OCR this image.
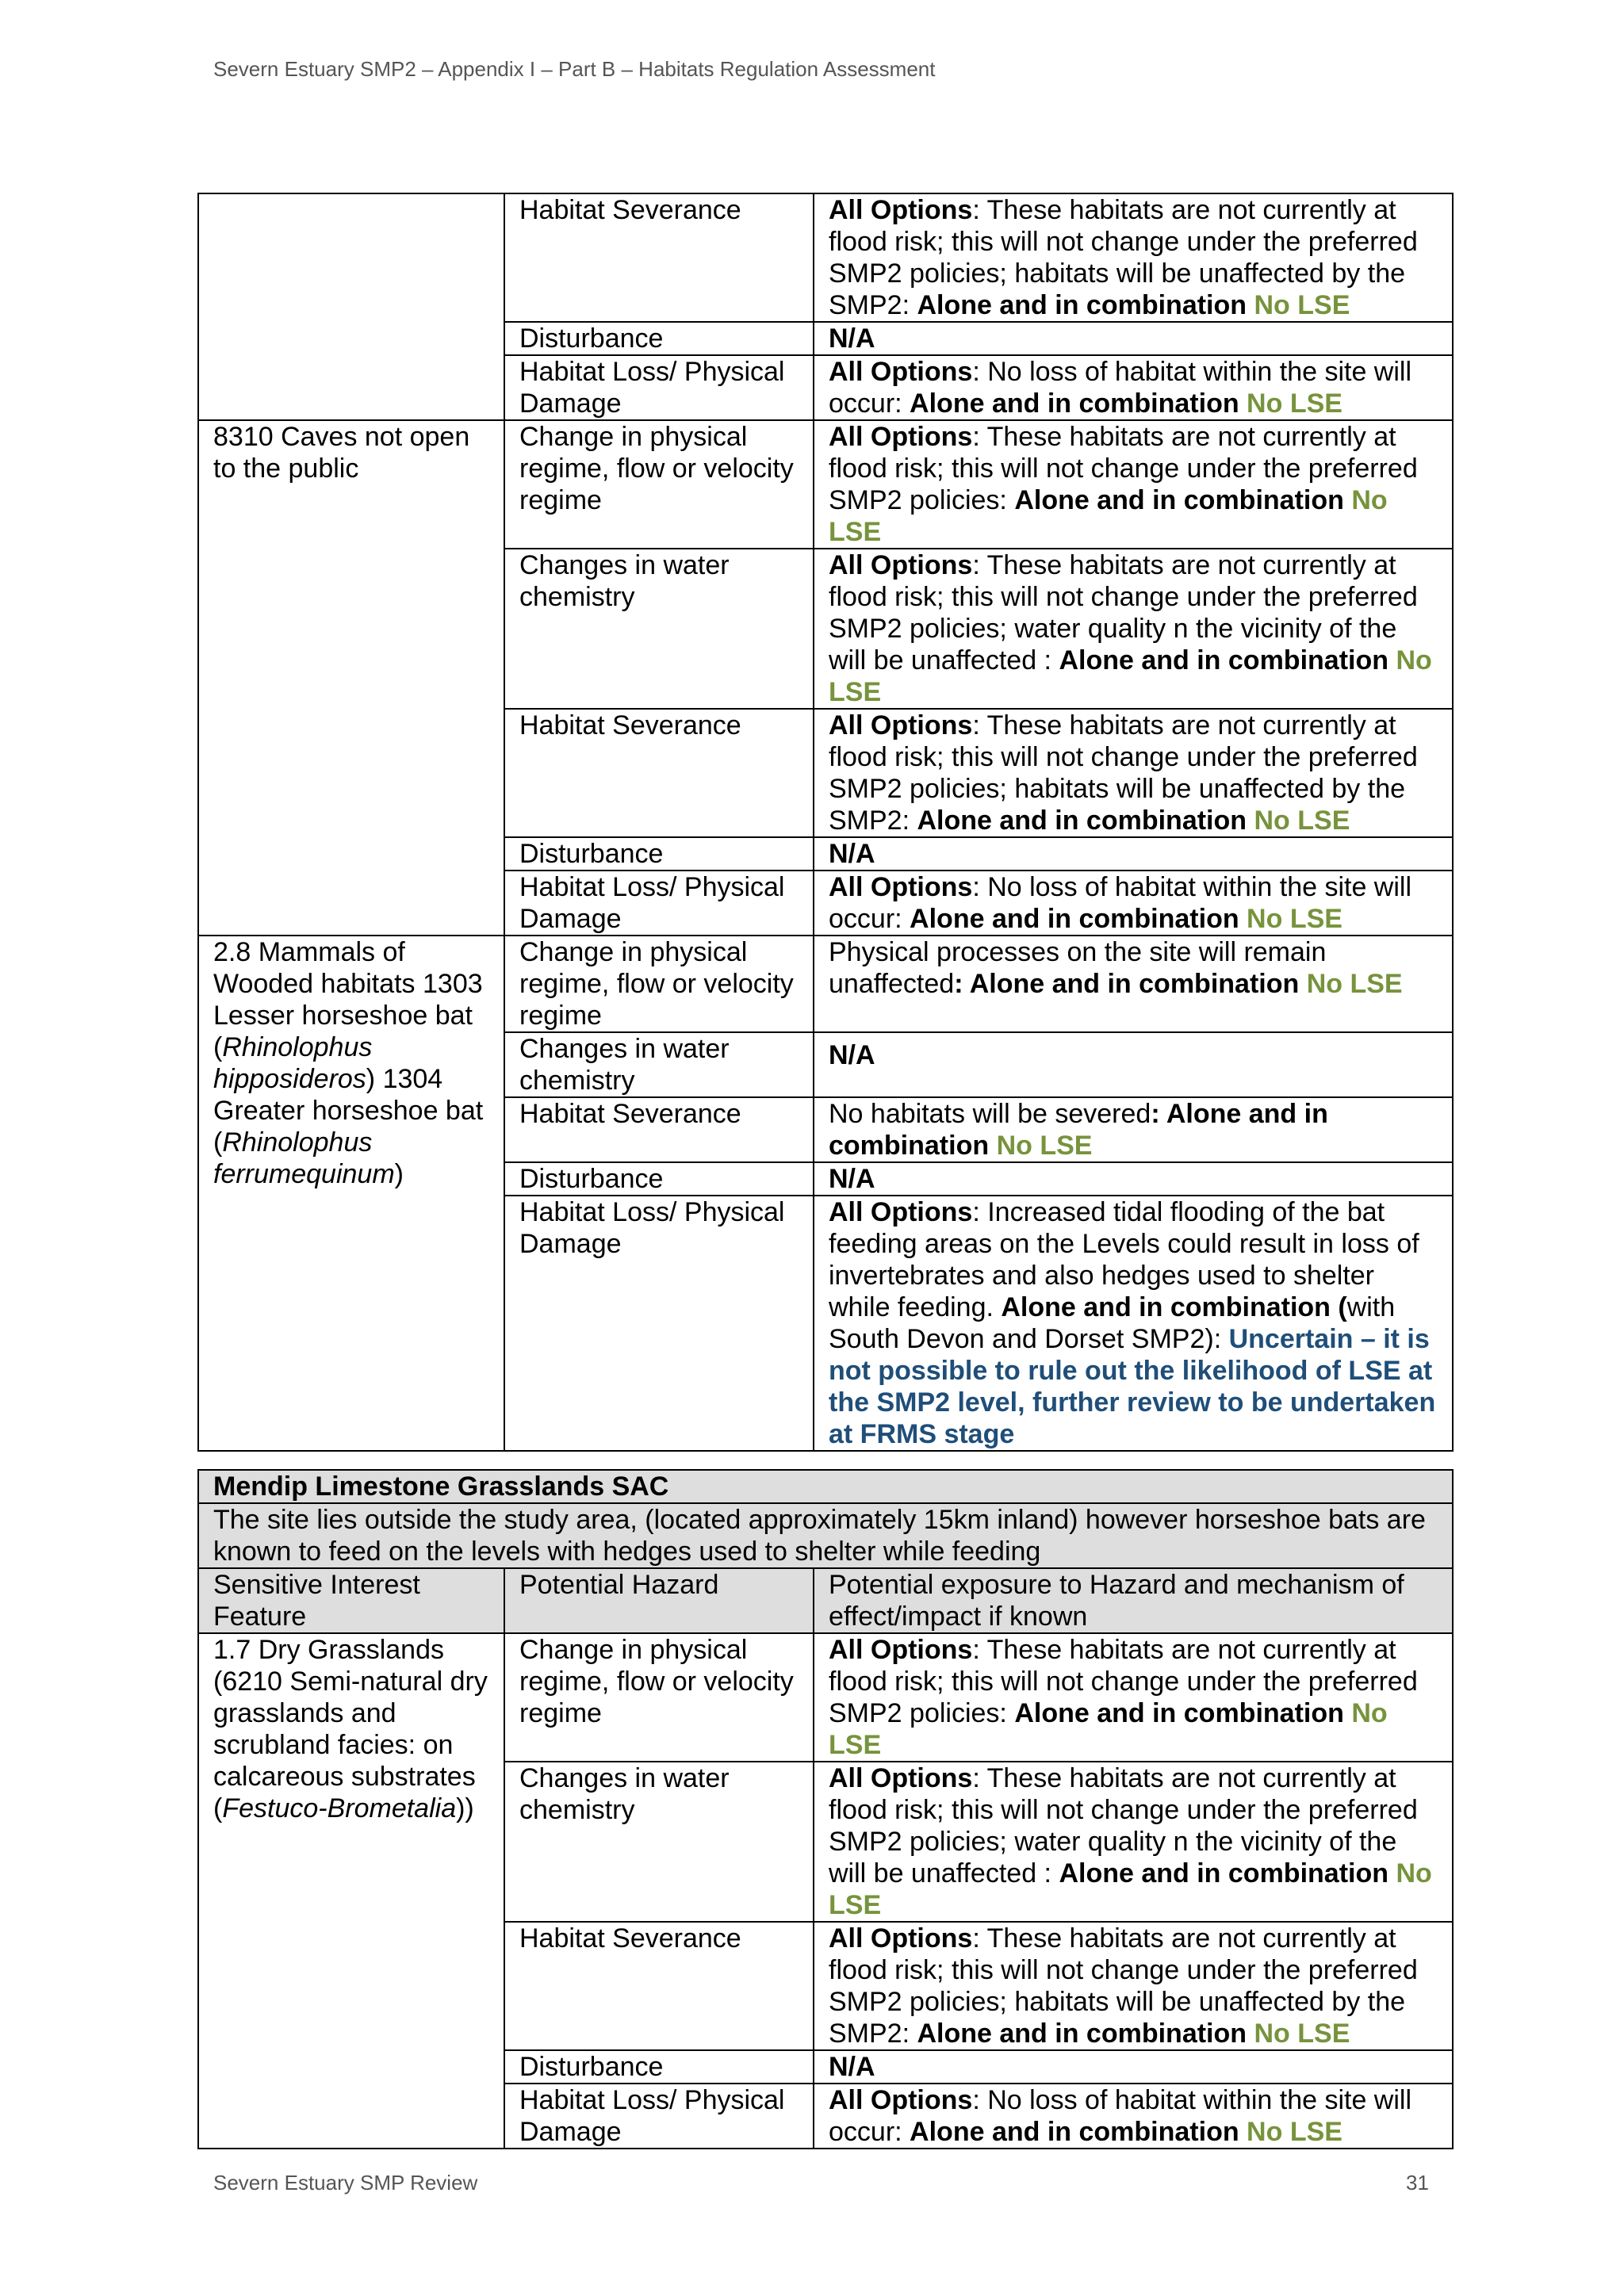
Severn Estuary SMP2 – Appendix I – Part B – Habitats Regulation Assessment
	Habitat Severance	All Options: These habitats are not currently at flood risk; this will not change under the preferred SMP2 policies; habitats will be unaffected by the SMP2: Alone and in combination No LSE
	Disturbance	N/A
	Habitat Loss/ Physical Damage	All Options: No loss of habitat within the site will occur: Alone and in combination No LSE
8310 Caves not open to the public	Change in physical regime, flow or velocity regime	All Options: These habitats are not currently at flood risk; this will not change under the preferred SMP2 policies: Alone and in combination No LSE
	Changes in water chemistry	All Options: These habitats are not currently at flood risk; this will not change under the preferred SMP2 policies; water quality n the vicinity of the will be unaffected : Alone and in combination No LSE
	Habitat Severance	All Options: These habitats are not currently at flood risk; this will not change under the preferred SMP2 policies; habitats will be unaffected by the SMP2: Alone and in combination No LSE
	Disturbance	N/A
	Habitat Loss/ Physical Damage	All Options: No loss of habitat within the site will occur: Alone and in combination No LSE
2.8 Mammals of Wooded habitats 1303 Lesser horseshoe bat (Rhinolophus hipposideros) 1304 Greater horseshoe bat (Rhinolophus ferrumequinum)	Change in physical regime, flow or velocity regime	Physical processes on the site will remain unaffected: Alone and in combination No LSE
	Changes in water chemistry	N/A
	Habitat Severance	No habitats will be severed: Alone and in combination No LSE
	Disturbance	N/A
	Habitat Loss/ Physical Damage	All Options: Increased tidal flooding of the bat feeding areas on the Levels could result in loss of invertebrates and also hedges used to shelter while feeding. Alone and in combination (with South Devon and Dorset SMP2): Uncertain – it is not possible to rule out the likelihood of LSE at the SMP2 level, further review to be undertaken at FRMS stage
Mendip Limestone Grasslands SAC		
The site lies outside the study area, (located approximately 15km inland) however horseshoe bats are known to feed on the levels with hedges used to shelter while feeding		
Sensitive Interest Feature	Potential Hazard	Potential exposure to Hazard and mechanism of effect/impact if known
1.7 Dry Grasslands (6210 Semi-natural dry grasslands and scrubland facies: on calcareous substrates (Festuco-Brometalia))	Change in physical regime, flow or velocity regime	All Options: These habitats are not currently at flood risk; this will not change under the preferred SMP2 policies: Alone and in combination No LSE
	Changes in water chemistry	All Options: These habitats are not currently at flood risk; this will not change under the preferred SMP2 policies; water quality n the vicinity of the will be unaffected : Alone and in combination No LSE
	Habitat Severance	All Options: These habitats are not currently at flood risk; this will not change under the preferred SMP2 policies; habitats will be unaffected by the SMP2: Alone and in combination No LSE
	Disturbance	N/A
	Habitat Loss/ Physical Damage	All Options: No loss of habitat within the site will occur: Alone and in combination No LSE
Severn Estuary SMP Review	31
